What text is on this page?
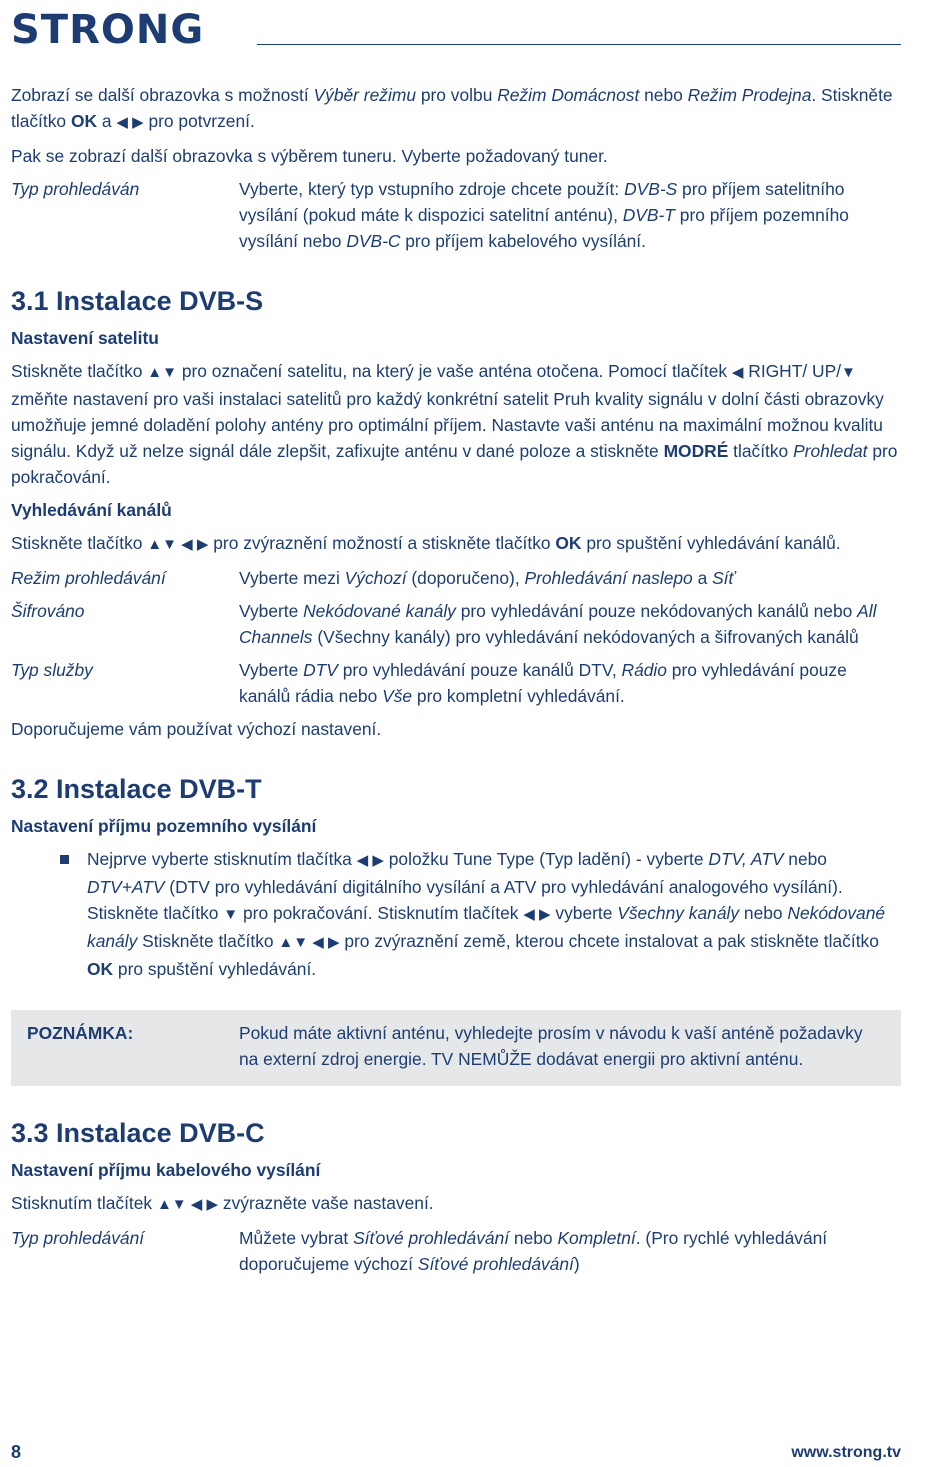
STRONG

Zobrazí se další obrazovka s možností Výběr režimu pro volbu Režim Domácnost nebo Režim Prodejna. Stiskněte tlačítko OK a ◀ ▶ pro potvrzení.

Pak se zobrazí další obrazovka s výběrem tuneru. Vyberte požadovaný tuner.

Typ prohledáván	Vyberte, který typ vstupního zdroje chcete použít: DVB-S pro příjem satelitního vysílání (pokud máte k dispozici satelitní anténu), DVB-T pro příjem pozemního vysílání nebo DVB-C pro příjem kabelového vysílání.
3.1 Instalace DVB-S
Nastavení satelitu

Stiskněte tlačítko ▲▼ pro označení satelitu, na který je vaše anténa otočena. Pomocí tlačítek ◀ RIGHT/ UP/▼ změňte nastavení pro vaši instalaci satelitů pro každý konkrétní satelit Pruh kvality signálu v dolní části obrazovky umožňuje jemné doladění polohy antény pro optimální příjem. Nastavte vaši anténu na maximální možnou kvalitu signálu. Když už nelze signál dále zlepšit, zafixujte anténu v dané poloze a stiskněte MODRÉ tlačítko Prohledat pro pokračování.

Vyhledávání kanálů

Stiskněte tlačítko ▲▼ ◀ ▶ pro zvýraznění možností a stiskněte tlačítko OK pro spuštění vyhledávání kanálů.

Režim prohledávání	Vyberte mezi Výchozí (doporučeno), Prohledávání naslepo a Síť
Šifrováno	Vyberte Nekódované kanály pro vyhledávání pouze nekódovaných kanálů nebo All Channels (Všechny kanály) pro vyhledávání nekódovaných a šifrovaných kanálů
Typ služby	Vyberte DTV pro vyhledávání pouze kanálů DTV, Rádio pro vyhledávání pouze kanálů rádia nebo Vše pro kompletní vyhledávání.

Doporučujeme vám používat výchozí nastavení.

3.2 Instalace DVB-T
Nastavení příjmu pozemního vysílání
Nejprve vyberte stisknutím tlačítka ◀ ▶ položku Tune Type (Typ ladění) - vyberte DTV, ATV nebo DTV+ATV (DTV pro vyhledávání digitálního vysílání a ATV pro vyhledávání analogového vysílání). Stiskněte tlačítko ▼ pro pokračování. Stisknutím tlačítek ◀ ▶ vyberte Všechny kanály nebo Nekódované kanály Stiskněte tlačítko ▲▼ ◀ ▶ pro zvýraznění země, kterou chcete instalovat a pak stiskněte tlačítko OK pro spuštění vyhledávání.
POZNÁMKA:	Pokud máte aktivní anténu, vyhledejte prosím v návodu k vaší anténě požadavky na externí zdroj energie. TV NEMŮŽE dodávat energii pro aktivní anténu.
3.3 Instalace DVB-C
Nastavení příjmu kabelového vysílání

Stisknutím tlačítek ▲▼ ◀ ▶ zvýrazněte vaše nastavení.

Typ prohledávání	Můžete vybrat Síťové prohledávání nebo Kompletní. (Pro rychlé vyhledávání doporučujeme výchozí Síťové prohledávání)
8	www.strong.tv
